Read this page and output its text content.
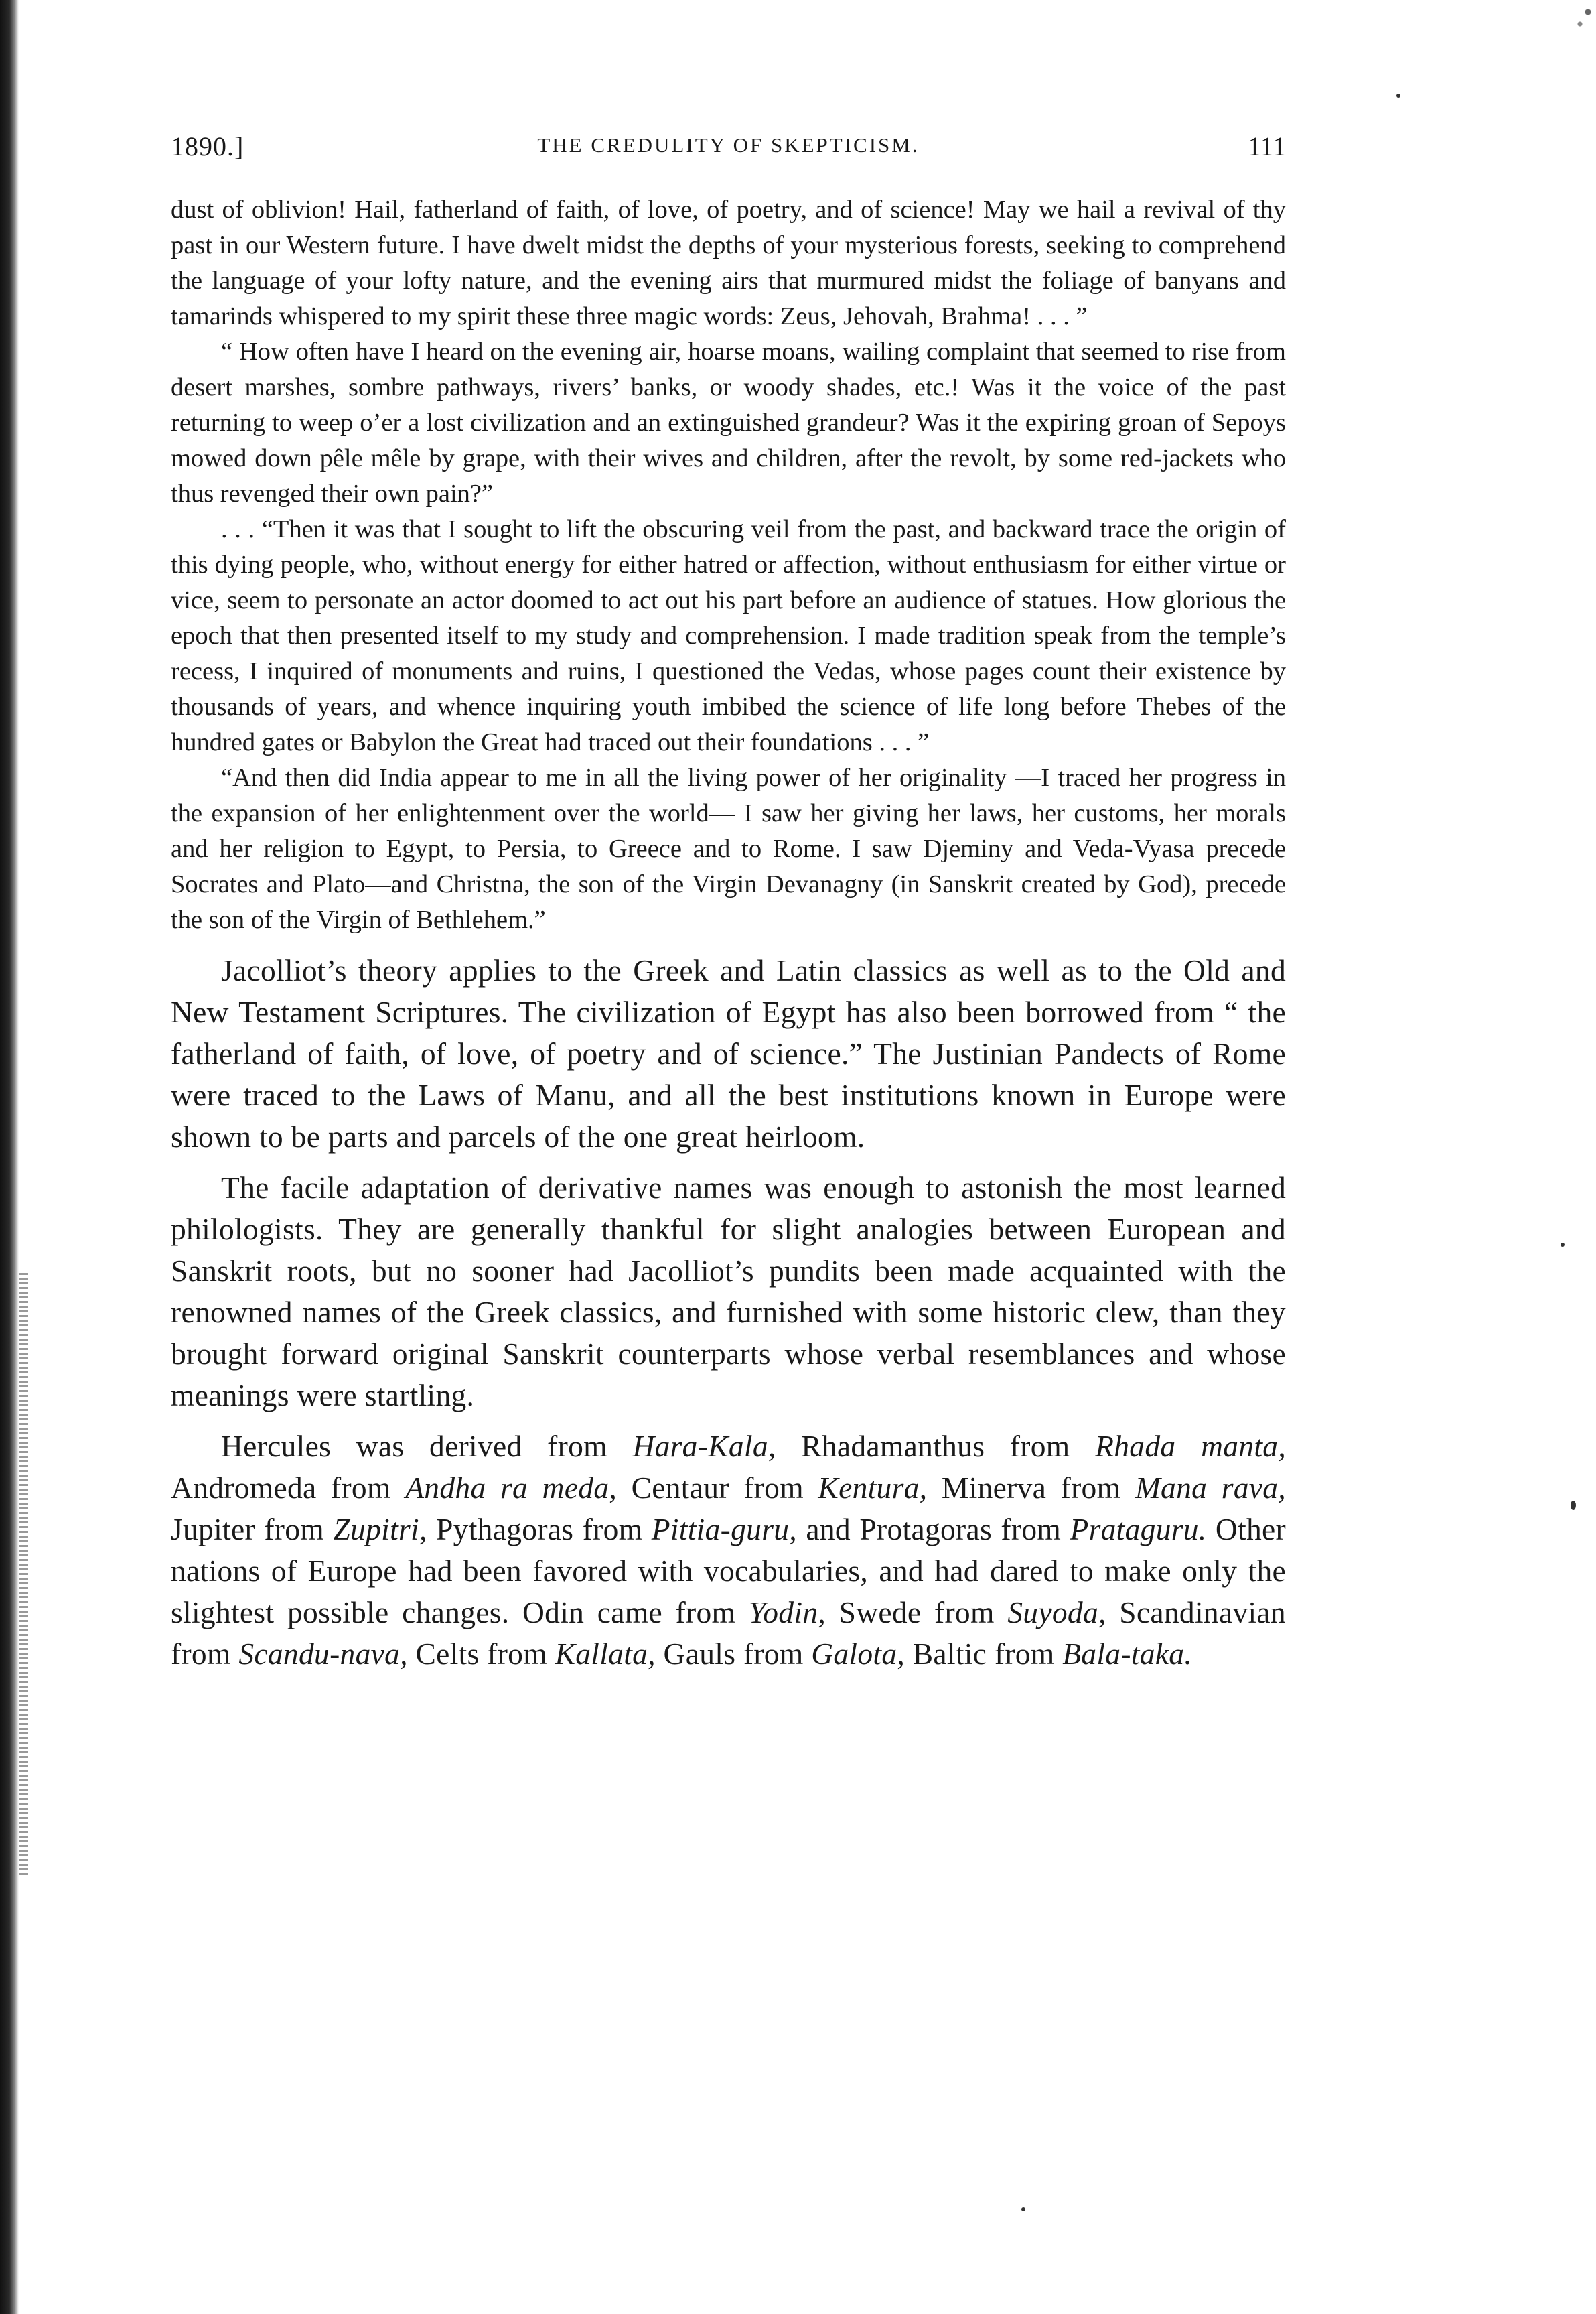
1890.]	THE CREDULITY OF SKEPTICISM.	111

dust of oblivion! Hail, fatherland of faith, of love, of poetry, and of science! May we hail a revival of thy past in our Western future. I have dwelt midst the depths of your mysterious forests, seeking to comprehend the language of your lofty nature, and the evening airs that murmured midst the foliage of banyans and tamarinds whispered to my spirit these three magic words: Zeus, Jehovah, Brahma! . . . ”

“ How often have I heard on the evening air, hoarse moans, wailing complaint that seemed to rise from desert marshes, sombre pathways, rivers’ banks, or woody shades, etc.! Was it the voice of the past returning to weep o’er a lost civilization and an extinguished grandeur? Was it the expiring groan of Sepoys mowed down pêle mêle by grape, with their wives and children, after the revolt, by some red-jackets who thus revenged their own pain?”

. . . “Then it was that I sought to lift the obscuring veil from the past, and backward trace the origin of this dying people, who, without energy for either hatred or affection, without enthusiasm for either virtue or vice, seem to personate an actor doomed to act out his part before an audience of statues. How glorious the epoch that then presented itself to my study and comprehension. I made tradition speak from the temple’s recess, I inquired of monuments and ruins, I questioned the Vedas, whose pages count their existence by thousands of years, and whence inquiring youth imbibed the science of life long before Thebes of the hundred gates or Babylon the Great had traced out their foundations . . . ”

“And then did India appear to me in all the living power of her originality —I traced her progress in the expansion of her enlightenment over the world— I saw her giving her laws, her customs, her morals and her religion to Egypt, to Persia, to Greece and to Rome. I saw Djeminy and Veda-Vyasa precede Socrates and Plato—and Christna, the son of the Virgin Devanagny (in Sanskrit created by God), precede the son of the Virgin of Bethlehem.”

Jacolliot’s theory applies to the Greek and Latin classics as well as to the Old and New Testament Scriptures. The civilization of Egypt has also been borrowed from “ the fatherland of faith, of love, of poetry and of science.” The Justinian Pandects of Rome were traced to the Laws of Manu, and all the best institutions known in Europe were shown to be parts and parcels of the one great heirloom.

The facile adaptation of derivative names was enough to astonish the most learned philologists. They are generally thankful for slight analogies between European and Sanskrit roots, but no sooner had Jacolliot’s pundits been made acquainted with the renowned names of the Greek classics, and furnished with some historic clew, than they brought forward original Sanskrit counterparts whose verbal resemblances and whose meanings were startling.

Hercules was derived from Hara-Kala, Rhadamanthus from Rhada manta, Andromeda from Andha ra meda, Centaur from Kentura, Minerva from Mana rava, Jupiter from Zupitri, Pythagoras from Pittia-guru, and Protagoras from Prataguru. Other nations of Europe had been favored with vocabularies, and had dared to make only the slightest possible changes. Odin came from Yodin, Swede from Suyoda, Scandinavian from Scandu-nava, Celts from Kallata, Gauls from Galota, Baltic from Bala-taka.
